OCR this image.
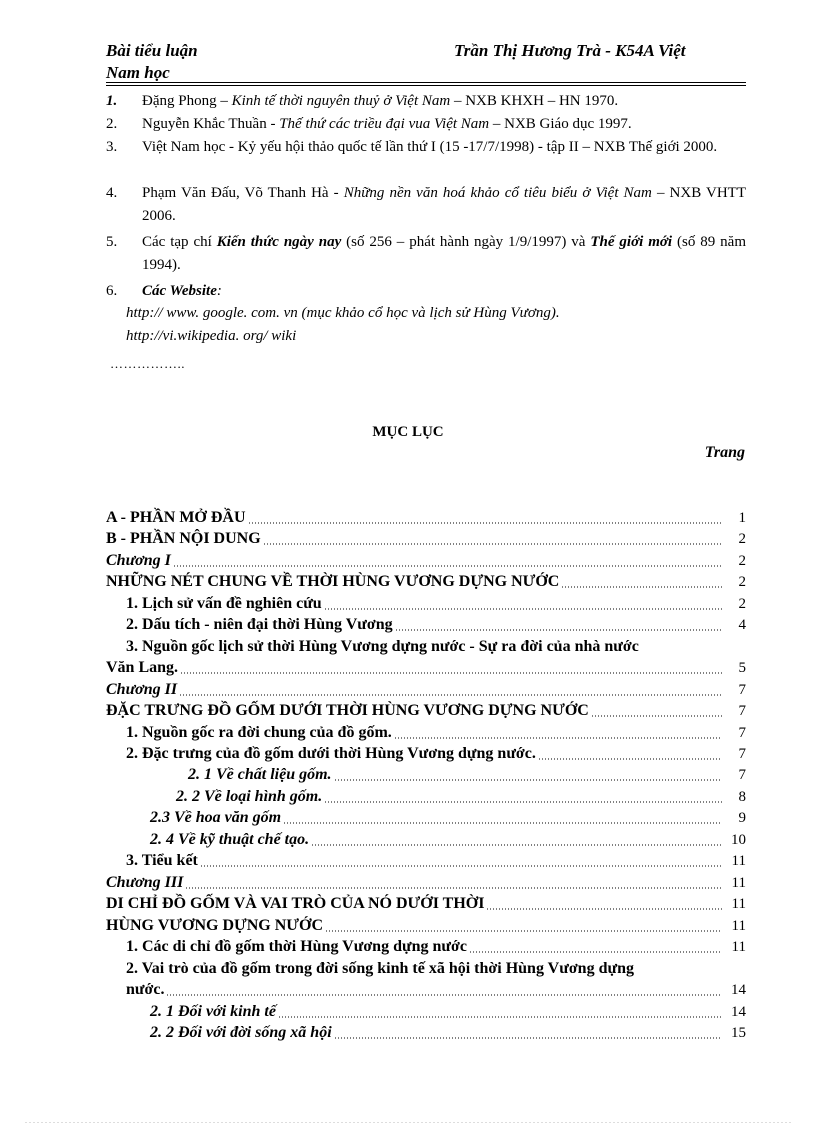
Bài tiểu luận
Nam học
Trần Thị Hương Trà - K54A Việt
1. Đặng Phong – Kinh tế thời nguyên thuỷ ở Việt Nam – NXB KHXH – HN 1970.
2. Nguyễn Khắc Thuần - Thế thứ các triều đại vua Việt Nam – NXB Giáo dục 1997.
3. Việt Nam học - Kỷ yếu hội thảo quốc tế lần thứ I (15 -17/7/1998) - tập II – NXB Thế giới 2000.
4. Phạm Văn Đấu, Võ Thanh Hà - Những nền văn hoá khảo cổ tiêu biểu ở Việt Nam – NXB VHTT 2006.
5. Các tạp chí Kiến thức ngày nay (số 256 – phát hành ngày 1/9/1997) và Thế giới mới (số 89 năm 1994).
6. Các Website:
http:// www. google. com. vn (mục khảo cổ học và lịch sử Hùng Vương).
http://vi.wikipedia. org/ wiki
……………..
MỤC LỤC
Trang
A - PHẦN MỞ ĐẦU	1
B - PHẦN NỘI DUNG	2
Chương I	2
NHỮNG NÉT CHUNG VỀ THỜI HÙNG VƯƠNG DỰNG NƯỚC	2
1. Lịch sử vấn đề nghiên cứu	2
2. Dấu tích - niên đại thời Hùng Vương	4
3. Nguồn gốc lịch sử thời Hùng Vương dựng nước - Sự ra đời của nhà nước
Văn Lang.	5
Chương II	7
ĐẶC TRƯNG ĐỒ GỐM DƯỚI THỜI HÙNG VƯƠNG DỰNG NƯỚC	7
1. Nguồn gốc ra đời chung của đồ gốm.	7
2. Đặc trưng của đồ gốm dưới thời Hùng Vương dựng nước.	7
2. 1 Về chất liệu gốm.	7
2. 2 Về loại hình gốm.	8
2.3 Về hoa văn gốm	9
2. 4 Về kỹ thuật chế tạo.	10
3. Tiểu kết	11
Chương III	11
DI CHỈ ĐỒ GỐM VÀ VAI TRÒ CỦA NÓ DƯỚI THỜI	11
HÙNG VƯƠNG DỰNG NƯỚC	11
1. Các di chỉ đồ gốm thời Hùng Vương dựng nước	11
2. Vai trò của đồ gốm trong đời sống kinh tế xã hội thời Hùng Vương dựng
nước.	14
2. 1 Đối với kinh tế	14
2. 2 Đối với đời sống xã hội	15
